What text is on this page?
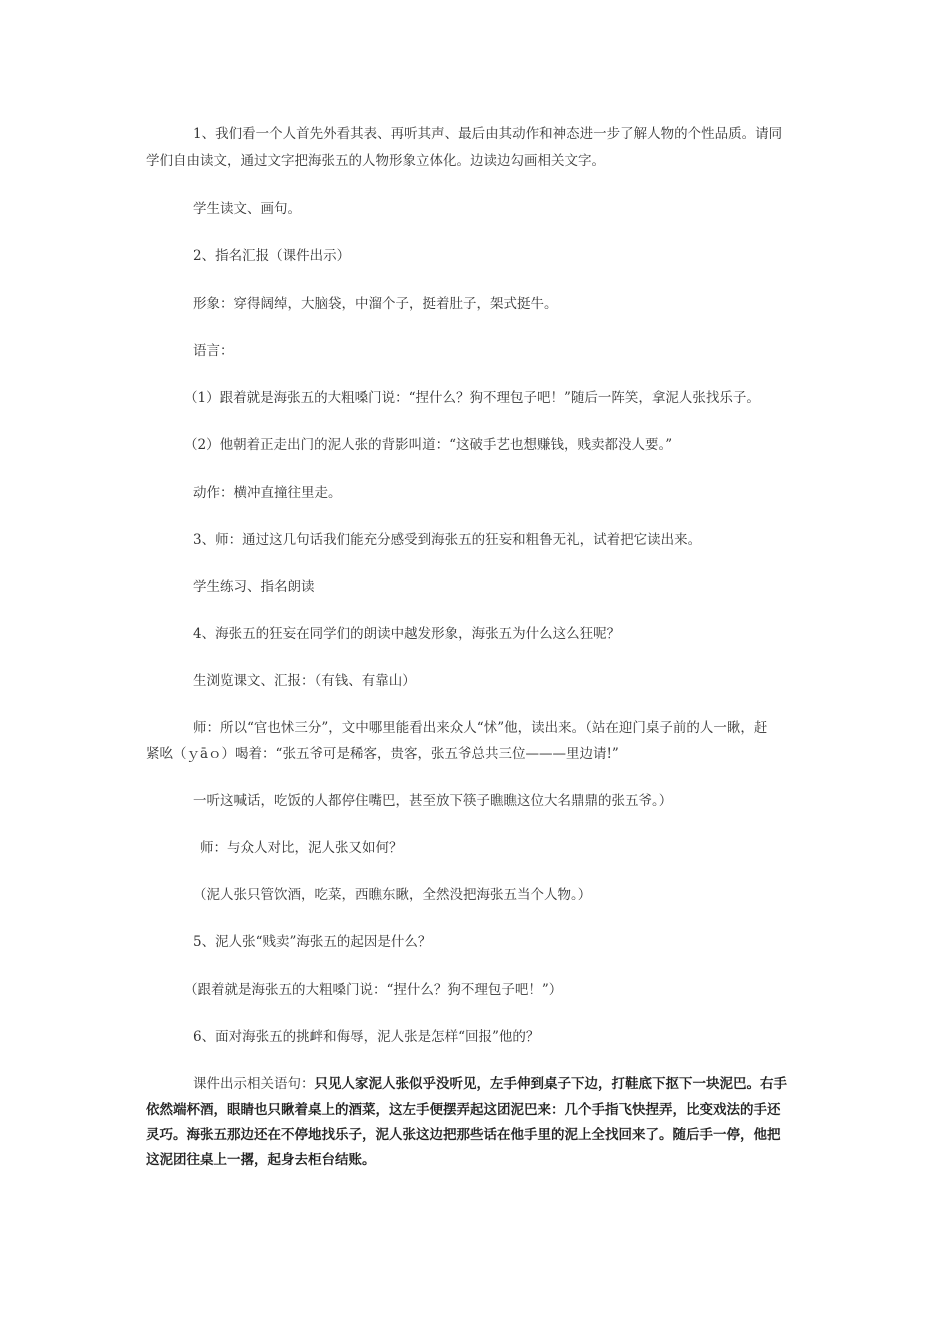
1、我们看一个人首先外看其表、再听其声、最后由其动作和神态进一步了解人物的个性品质。请同
学们自由读文，通过文字把海张五的人物形象立体化。边读边勾画相关文字。
学生读文、画句。
2、指名汇报（课件出示）
形象：穿得阔绰，大脑袋，中溜个子，挺着肚子，架式挺牛。
语言：
（1）跟着就是海张五的大粗嗓门说：“捏什么？狗不理包子吧！”随后一阵笑，拿泥人张找乐子。
（2）他朝着正走出门的泥人张的背影叫道：“这破手艺也想赚钱，贱卖都没人要。”
动作：横冲直撞往里走。
3、师：通过这几句话我们能充分感受到海张五的狂妄和粗鲁无礼，试着把它读出来。
学生练习、指名朗读
4、海张五的狂妄在同学们的朗读中越发形象，海张五为什么这么狂呢？
生浏览课文、汇报：（有钱、有靠山）
师：所以“官也怵三分”，文中哪里能看出来众人“怵”他，读出来。（站在迎门桌子前的人一瞅，赶
紧吆（ｙāｏ）喝着：“张五爷可是稀客，贵客，张五爷总共三位———里边请!”
一听这喊话，吃饭的人都停住嘴巴，甚至放下筷子瞧瞧这位大名鼎鼎的张五爷。）
师：与众人对比，泥人张又如何？
（泥人张只管饮酒，吃菜，西瞧东瞅，全然没把海张五当个人物。）
5、泥人张“贱卖”海张五的起因是什么？
（跟着就是海张五的大粗嗓门说：“捏什么？狗不理包子吧！”）
6、面对海张五的挑衅和侮辱，泥人张是怎样“回报”他的？
课件出示相关语句：只见人家泥人张似乎没听见，左手伸到桌子下边，打鞋底下抠下一块泥巴。右手
依然端杯酒，眼睛也只瞅着桌上的酒菜，这左手便摆弄起这团泥巴来：几个手指飞快捏弄，比变戏法的手还
灵巧。海张五那边还在不停地找乐子，泥人张这边把那些话在他手里的泥上全找回来了。随后手一停，他把
这泥团往桌上一撂，起身去柜台结账。
